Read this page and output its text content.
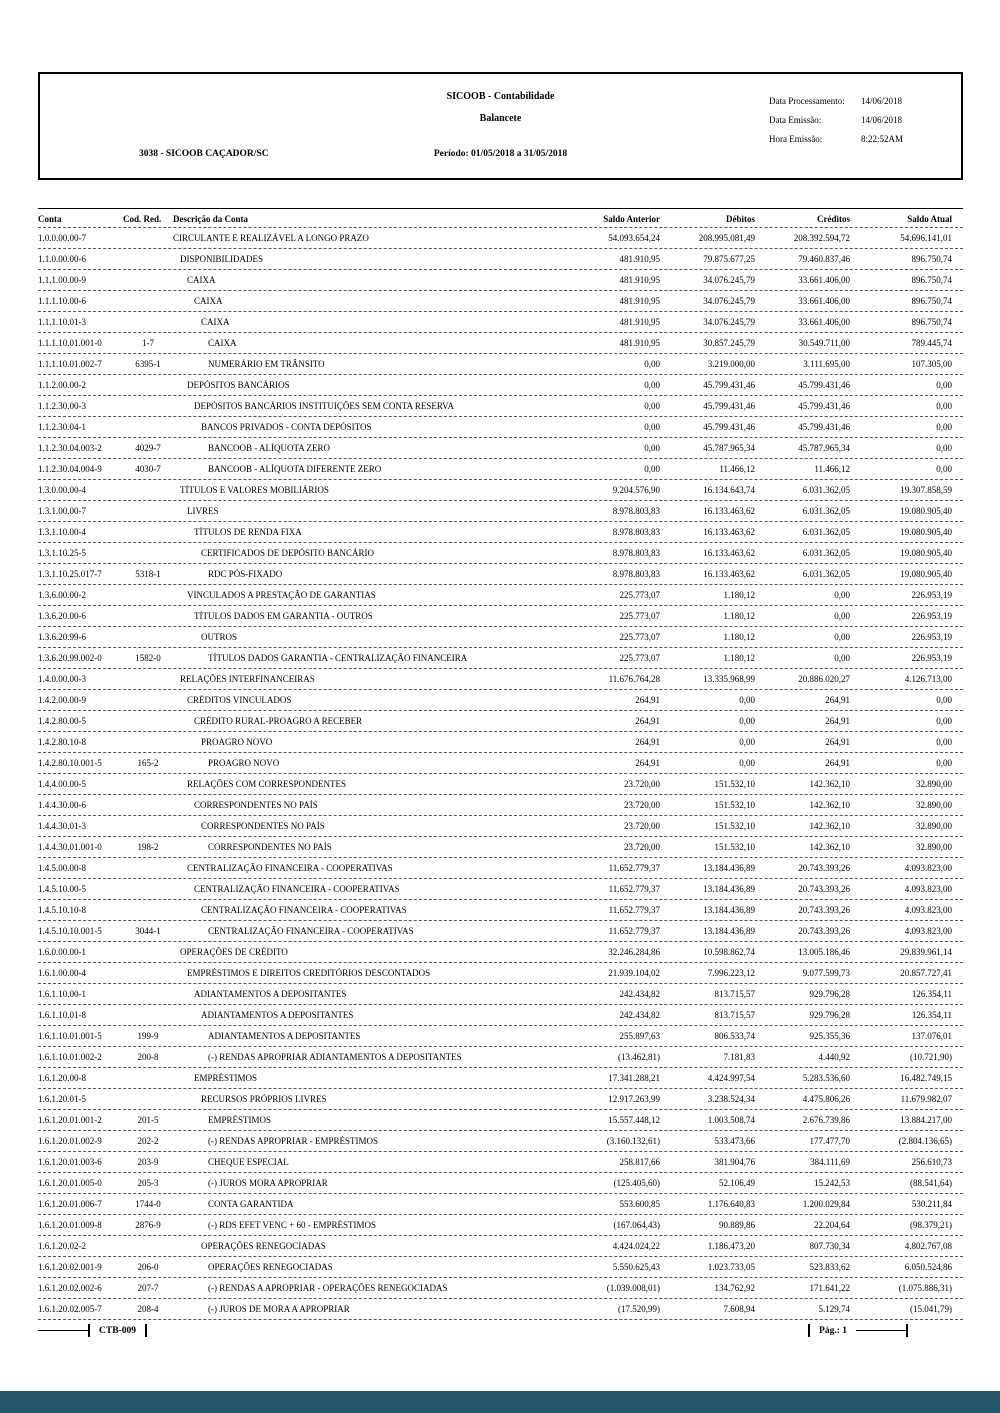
SICOOB - Contabilidade
Balancete
3038 - SICOOB CAÇADOR/SC	Período: 01/05/2018 a 31/05/2018
Data Processamento:	14/06/2018
Data Emissão:	14/06/2018
Hora Emissão:	8:22:52AM
Conta	Cod. Red.	Descrição da Conta	Saldo Anterior	Débitos	Créditos	Saldo Atual
1.0.0.00.00-7	CIRCULANTE E REALIZÁVEL A LONGO PRAZO	54.093.654,24	208.995.081,49	208.392.594,72	54.696.141,01
1.1.0.00.00-6	DISPONIBILIDADES	481.910,95	79.875.677,25	79.460.837,46	896.750,74
1.1.1.00.00-9	CAIXA	481.910,95	34.076.245,79	33.661.406,00	896.750,74
1.1.1.10.00-6	CAIXA	481.910,95	34.076.245,79	33.661.406,00	896.750,74
1.1.1.10.01-3	CAIXA	481.910,95	34.076.245,79	33.661.406,00	896.750,74
1.1.1.10.01.001-0	1-7	CAIXA	481.910,95	30.857.245,79	30.549.711,00	789.445,74
1.1.1.10.01.002-7	6395-1	NUMERÁRIO EM TRÂNSITO	0,00	3.219.000,00	3.111.695,00	107.305,00
1.1.2.00.00-2	DEPÓSITOS BANCÁRIOS	0,00	45.799.431,46	45.799.431,46	0,00
1.1.2.30.00-3	DEPÓSITOS BANCÁRIOS INSTITUIÇÕES SEM CONTA RESERVA	0,00	45.799.431,46	45.799.431,46	0,00
1.1.2.30.04-1	BANCOS PRIVADOS - CONTA DEPÓSITOS	0,00	45.799.431,46	45.799.431,46	0,00
1.1.2.30.04.003-2	4029-7	BANCOOB - ALÍQUOTA ZERO	0,00	45.787.965,34	45.787.965,34	0,00
1.1.2.30.04.004-9	4030-7	BANCOOB - ALÍQUOTA DIFERENTE ZERO	0,00	11.466,12	11.466,12	0,00
1.3.0.00.00-4	TÍTULOS E VALORES MOBILIÁRIOS	9.204.576,90	16.134.643,74	6.031.362,05	19.307.858,59
1.3.1.00.00-7	LIVRES	8.978.803,83	16.133.463,62	6.031.362,05	19.080.905,40
1.3.1.10.00-4	TÍTULOS DE RENDA FIXA	8.978.803,83	16.133.463,62	6.031.362,05	19.080.905,40
1.3.1.10.25-5	CERTIFICADOS DE DEPÓSITO BANCÁRIO	8.978.803,83	16.133.463,62	6.031.362,05	19.080.905,40
1.3.1.10.25.017-7	5318-1	RDC PÓS-FIXADO	8.978.803,83	16.133.463,62	6.031.362,05	19.080.905,40
1.3.6.00.00-2	VINCULADOS A PRESTAÇÃO DE GARANTIAS	225.773,07	1.180,12	0,00	226.953,19
1.3.6.20.00-6	TÍTULOS DADOS EM GARANTIA - OUTROS	225.773,07	1.180,12	0,00	226.953,19
1.3.6.20.99-6	OUTROS	225.773,07	1.180,12	0,00	226.953,19
1.3.6.20.99.002-0	1582-0	TÍTULOS DADOS GARANTIA - CENTRALIZAÇÃO FINANCEIRA	225.773,07	1.180,12	0,00	226.953,19
1.4.0.00.00-3	RELAÇÕES INTERFINANCEIRAS	11.676.764,28	13.335.968,99	20.886.020,27	4.126.713,00
1.4.2.00.00-9	CRÉDITOS VINCULADOS	264,91	0,00	264,91	0,00
1.4.2.80.00-5	CRÉDITO RURAL-PROAGRO A RECEBER	264,91	0,00	264,91	0,00
1.4.2.80.10-8	PROAGRO NOVO	264,91	0,00	264,91	0,00
1.4.2.80.10.001-5	165-2	PROAGRO NOVO	264,91	0,00	264,91	0,00
1.4.4.00.00-5	RELAÇÕES COM CORRESPONDENTES	23.720,00	151.532,10	142.362,10	32.890,00
1.4.4.30.00-6	CORRESPONDENTES NO PAÍS	23.720,00	151.532,10	142.362,10	32.890,00
1.4.4.30.01-3	CORRESPONDENTES NO PAÍS	23.720,00	151.532,10	142.362,10	32.890,00
1.4.4.30.01.001-0	198-2	CORRESPONDENTES NO PAÍS	23.720,00	151.532,10	142.362,10	32.890,00
1.4.5.00.00-8	CENTRALIZAÇÃO FINANCEIRA - COOPERATIVAS	11.652.779,37	13.184.436,89	20.743.393,26	4.093.823,00
1.4.5.10.00-5	CENTRALIZAÇÃO FINANCEIRA - COOPERATIVAS	11.652.779,37	13.184.436,89	20.743.393,26	4.093.823,00
1.4.5.10.10-8	CENTRALIZAÇÃO FINANCEIRA - COOPERATIVAS	11.652.779,37	13.184.436,89	20.743.393,26	4.093.823,00
1.4.5.10.10.001-5	3044-1	CENTRALIZAÇÃO FINANCEIRA - COOPERATIVAS	11.652.779,37	13.184.436,89	20.743.393,26	4.093.823,00
1.6.0.00.00-1	OPERAÇÕES DE CRÉDITO	32.246.284,86	10.598.862,74	13.005.186,46	29.839.961,14
1.6.1.00.00-4	EMPRÉSTIMOS E DIREITOS CREDITÓRIOS DESCONTADOS	21.939.104,02	7.996.223,12	9.077.599,73	20.857.727,41
1.6.1.10.00-1	ADIANTAMENTOS A DEPOSITANTES	242.434,82	813.715,57	929.796,28	126.354,11
1.6.1.10.01-8	ADIANTAMENTOS A DEPOSITANTES	242.434,82	813.715,57	929.796,28	126.354,11
1.6.1.10.01.001-5	199-9	ADIANTAMENTOS A DEPOSITANTES	255.897,63	806.533,74	925.355,36	137.076,01
1.6.1.10.01.002-2	200-8	(-) RENDAS APROPRIAR ADIANTAMENTOS A DEPOSITANTES	(13.462,81)	7.181,83	4.440,92	(10.721,90)
1.6.1.20.00-8	EMPRÉSTIMOS	17.341.288,21	4.424.997,54	5.283.536,60	16.482.749,15
1.6.1.20.01-5	RECURSOS PRÓPRIOS LIVRES	12.917.263,99	3.238.524,34	4.475.806,26	11.679.982,07
1.6.1.20.01.001-2	201-5	EMPRÉSTIMOS	15.557.448,12	1.003.508,74	2.676.739,86	13.884.217,00
1.6.1.20.01.002-9	202-2	(-) RENDAS APROPRIAR - EMPRÉSTIMOS	(3.160.132,61)	533.473,66	177.477,70	(2.804.136,65)
1.6.1.20.01.003-6	203-9	CHEQUE ESPECIAL	258.817,66	381.904,76	384.111,69	256.610,73
1.6.1.20.01.005-0	205-3	(-) JUROS MORA APROPRIAR	(125.405,60)	52.106,49	15.242,53	(88.541,64)
1.6.1.20.01.006-7	1744-0	CONTA GARANTIDA	553.600,85	1.176.640,83	1.200.029,84	530.211,84
1.6.1.20.01.009-8	2876-9	(-) RDS EFET VENC + 60 - EMPRÉSTIMOS	(167.064,43)	90.889,86	22.204,64	(98.379,21)
1.6.1.20.02-2	OPERAÇÕES RENEGOCIADAS	4.424.024,22	1.186.473,20	807.730,34	4.802.767,08
1.6.1.20.02.001-9	206-0	OPERAÇÕES RENEGOCIADAS	5.550.625,43	1.023.733,05	523.833,62	6.050.524,86
1.6.1.20.02.002-6	207-7	(-) RENDAS A APROPRIAR - OPERAÇÕES RENEGOCIADAS	(1.039.008,01)	134.762,92	171.641,22	(1.075.886,31)
1.6.1.20.02.005-7	208-4	(-) JUROS DE MORA A APROPRIAR	(17.520,99)	7.608,94	5.129,74	(15.041,79)
CTB-009	Pág.: 1
